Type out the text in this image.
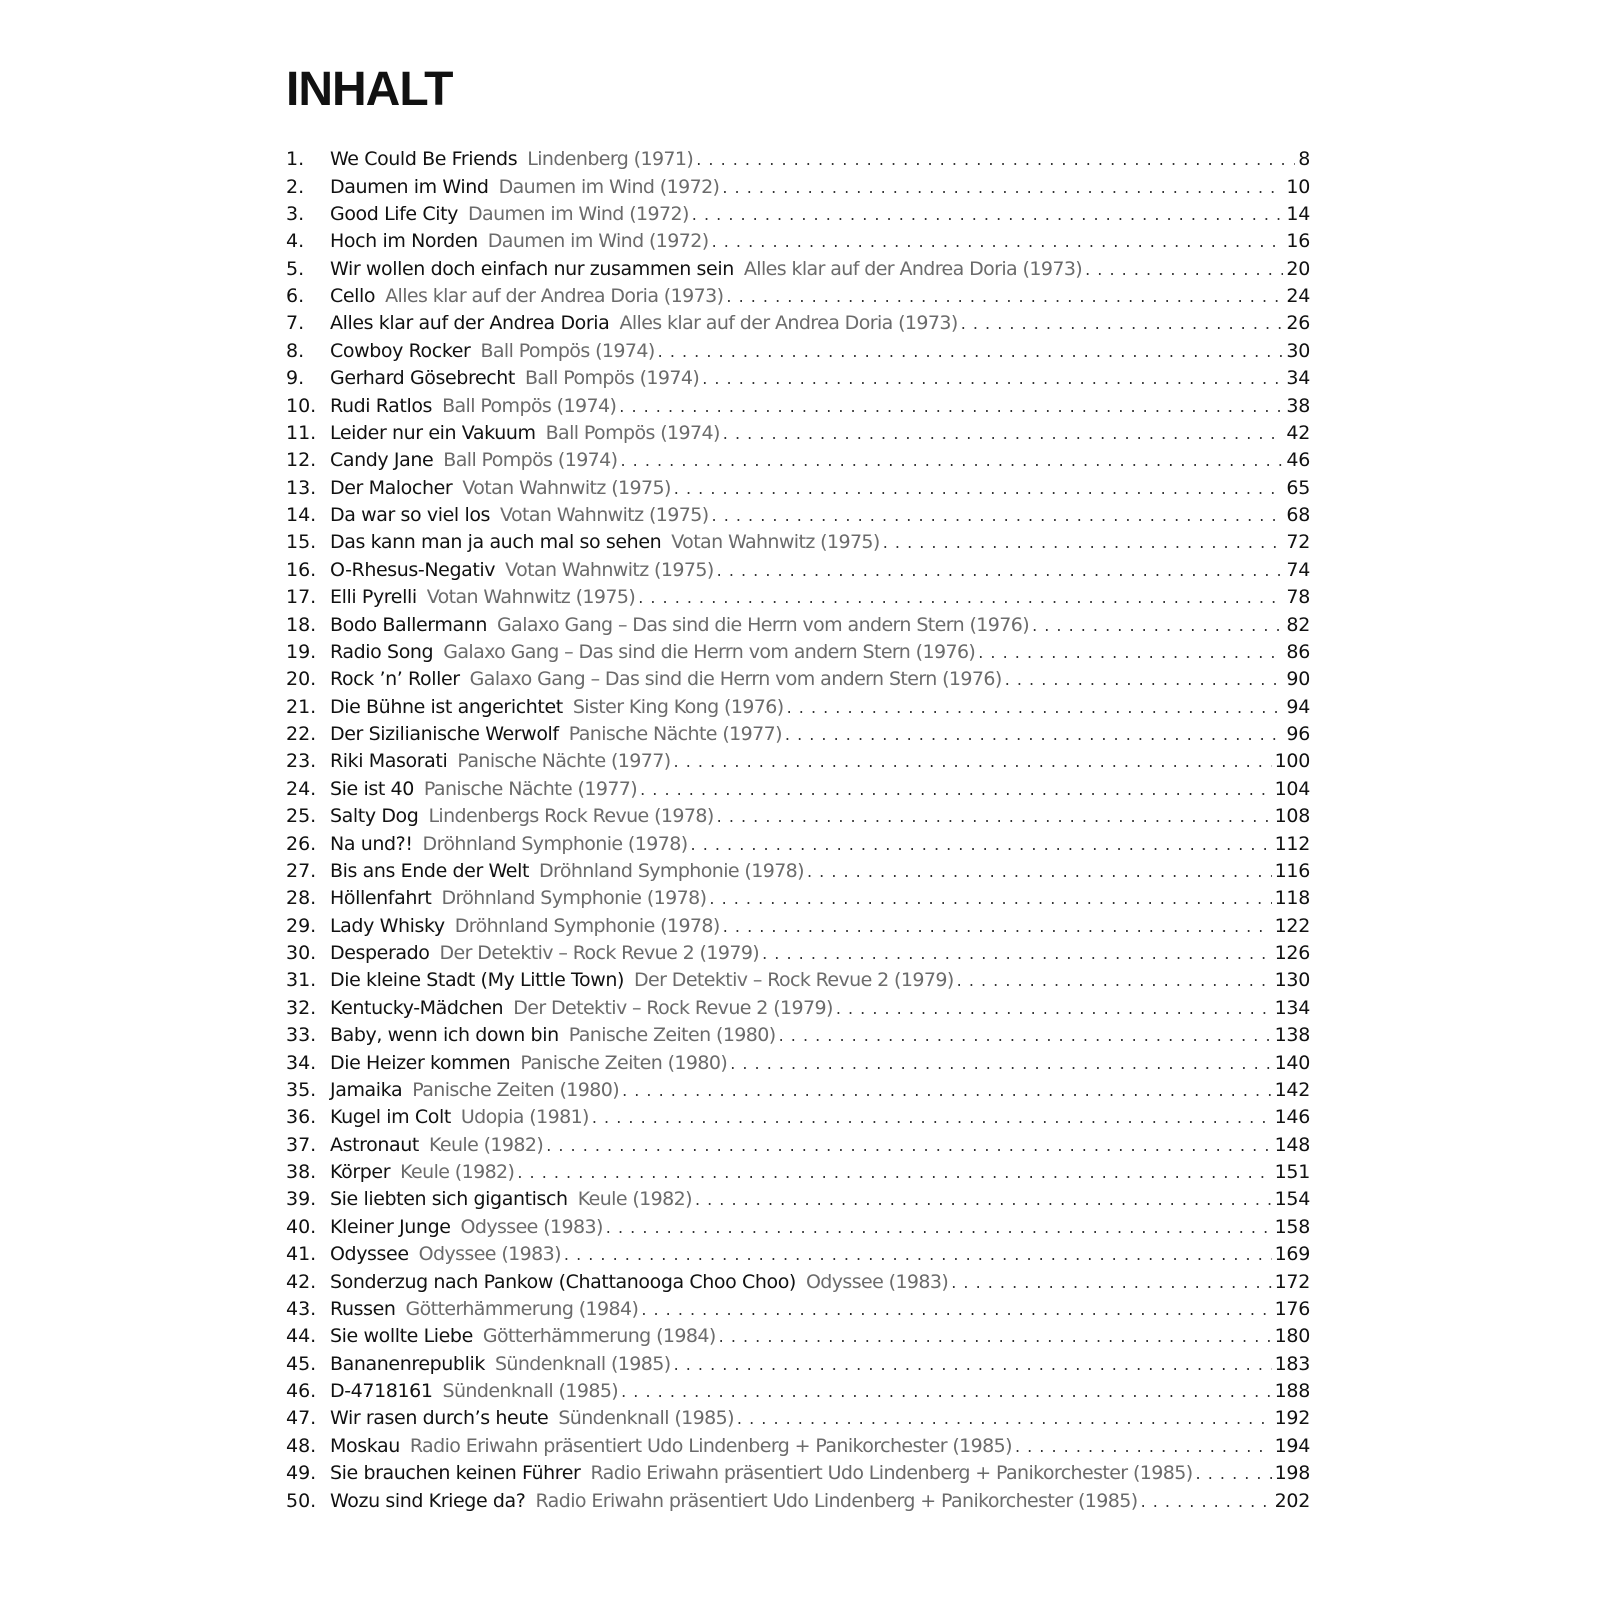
INHALT
1.	We Could Be Friends Lindenberg (1971) . . .	8
2.	Daumen im Wind Daumen im Wind (1972) . . .	10
3.	Good Life City Daumen im Wind (1972) . . .	14
4.	Hoch im Norden Daumen im Wind (1972) . . .	16
5.	Wir wollen doch einfach nur zusammen sein Alles klar auf der Andrea Doria (1973) . . .	20
6.	Cello Alles klar auf der Andrea Doria (1973) . . .	24
7.	Alles klar auf der Andrea Doria Alles klar auf der Andrea Doria (1973) . . .	26
8.	Cowboy Rocker Ball Pompös (1974) . . .	30
9.	Gerhard Gösebrecht Ball Pompös (1974) . . .	34
10. Rudi Ratlos Ball Pompös (1974) . . .	38
11. Leider nur ein Vakuum Ball Pompös (1974) . . .	42
12. Candy Jane Ball Pompös (1974) . . .	46
13. Der Malocher Votan Wahnwitz (1975) . . .	65
14. Da war so viel los Votan Wahnwitz (1975) . . .	68
15. Das kann man ja auch mal so sehen Votan Wahnwitz (1975) . . .	72
16. O-Rhesus-Negativ Votan Wahnwitz (1975) . . .	74
17. Elli Pyrelli Votan Wahnwitz (1975) . . .	78
18. Bodo Ballermann Galaxo Gang – Das sind die Herrn vom andern Stern (1976) . . .	82
19. Radio Song Galaxo Gang – Das sind die Herrn vom andern Stern (1976) . . .	86
20. Rock ’n’ Roller Galaxo Gang – Das sind die Herrn vom andern Stern (1976) . . .	90
21. Die Bühne ist angerichtet Sister King Kong (1976) . . .	94
22. Der Sizilianische Werwolf Panische Nächte (1977) . . .	96
23. Riki Masorati Panische Nächte (1977) . . .	100
24. Sie ist 40 Panische Nächte (1977) . . .	104
25. Salty Dog Lindenbergs Rock Revue (1978) . . .	108
26. Na und?! Dröhnland Symphonie (1978) . . .	112
27. Bis ans Ende der Welt Dröhnland Symphonie (1978) . . .	116
28. Höllenfahrt Dröhnland Symphonie (1978) . . .	118
29. Lady Whisky Dröhnland Symphonie (1978) . . .	122
30. Desperado Der Detektiv – Rock Revue 2 (1979) . . .	126
31. Die kleine Stadt (My Little Town) Der Detektiv – Rock Revue 2 (1979) . . .	130
32. Kentucky-Mädchen Der Detektiv – Rock Revue 2 (1979) . . .	134
33. Baby, wenn ich down bin Panische Zeiten (1980) . . .	138
34. Die Heizer kommen Panische Zeiten (1980) . . .	140
35. Jamaika Panische Zeiten (1980) . . .	142
36. Kugel im Colt Udopia (1981) . . .	146
37. Astronaut Keule (1982) . . .	148
38. Körper Keule (1982) . . .	151
39. Sie liebten sich gigantisch Keule (1982) . . .	154
40. Kleiner Junge Odyssee (1983) . . .	158
41. Odyssee Odyssee (1983) . . .	169
42. Sonderzug nach Pankow (Chattanooga Choo Choo) Odyssee (1983) . . .	172
43. Russen Götterhämmerung (1984) . . .	176
44. Sie wollte Liebe Götterhämmerung (1984) . . .	180
45. Bananenrepublik Sündenknall (1985) . . .	183
46. D-4718161 Sündenknall (1985) . . .	188
47. Wir rasen durch’s heute Sündenknall (1985) . . .	192
48. Moskau Radio Eriwahn präsentiert Udo Lindenberg + Panikorchester (1985) . . .	194
49. Sie brauchen keinen Führer Radio Eriwahn präsentiert Udo Lindenberg + Panikorchester (1985) . . .	198
50. Wozu sind Kriege da? Radio Eriwahn präsentiert Udo Lindenberg + Panikorchester (1985) . . .	202
